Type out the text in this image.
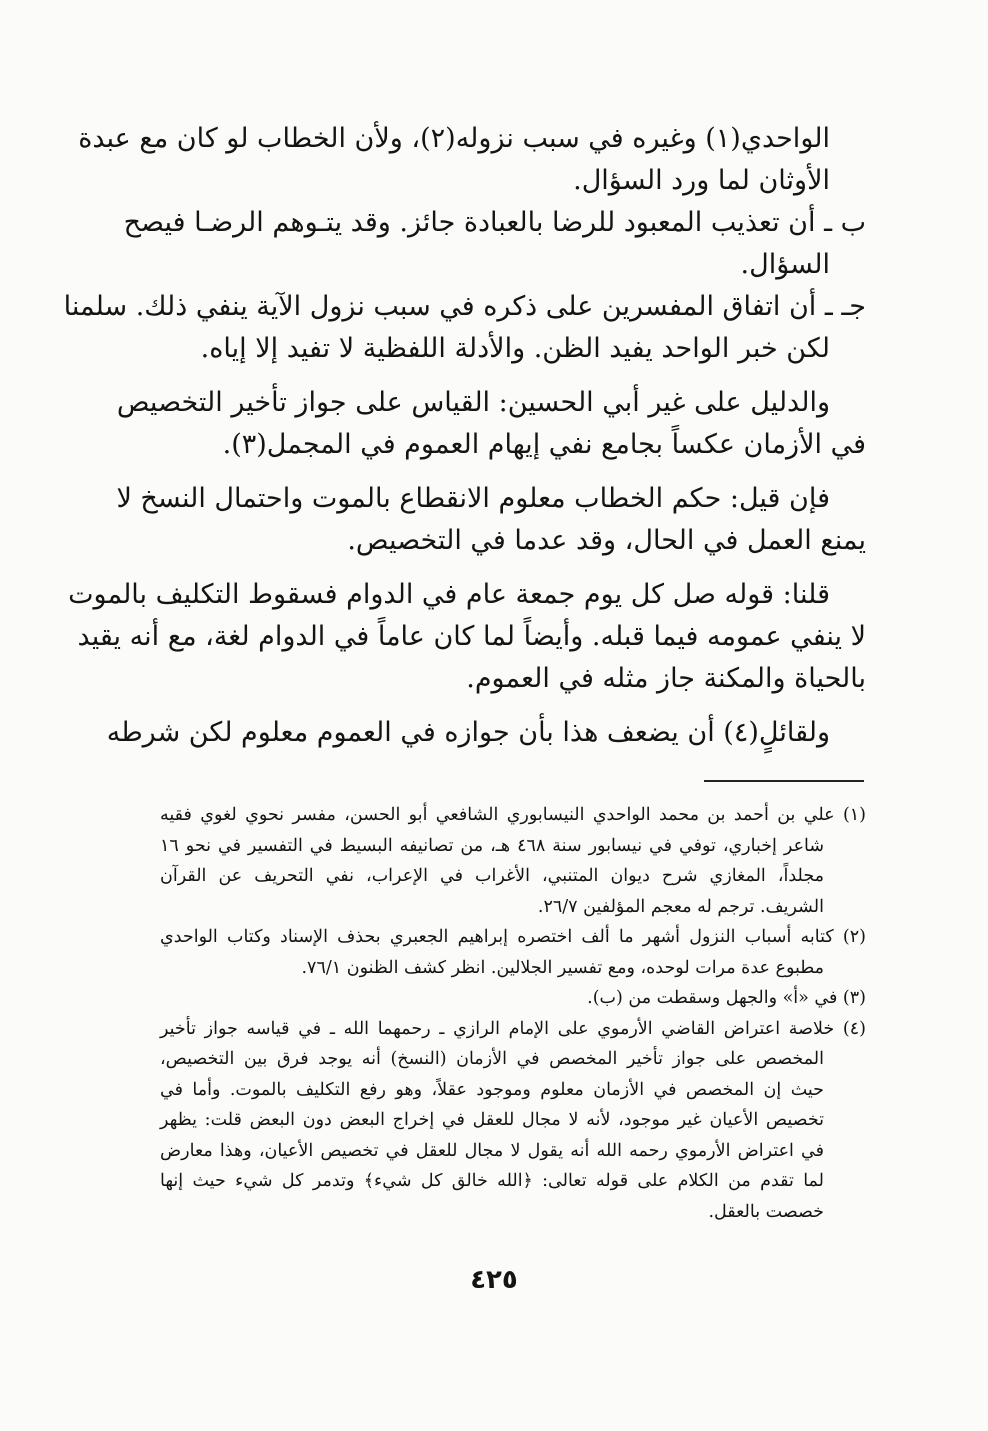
الواحدي(١) وغيره في سبب نزوله(٢)، ولأن الخطاب لو كان مع عبدة
الأوثان لما ورد السؤال.
ب ـ أن تعذيب المعبود للرضا بالعبادة جائز. وقد يتـوهم الرضـا فيصح
السؤال.
جـ ـ أن اتفاق المفسرين على ذكره في سبب نزول الآية ينفي ذلك. سلمنا
لكن خبر الواحد يفيد الظن. والأدلة اللفظية لا تفيد إلا إياه.
والدليل على غير أبي الحسين: القياس على جواز تأخير التخصيص
في الأزمان عكساً بجامع نفي إيهام العموم في المجمل(٣).
فإن قيل: حكم الخطاب معلوم الانقطاع بالموت واحتمال النسخ لا
يمنع العمل في الحال، وقد عدما في التخصيص.
قلنا: قوله صل كل يوم جمعة عام في الدوام فسقوط التكليف بالموت
لا ينفي عمومه فيما قبله. وأيضاً لما كان عاماً في الدوام لغة، مع أنه يقيد
بالحياة والمكنة جاز مثله في العموم.
ولقائلٍ(٤) أن يضعف هذا بأن جوازه في العموم معلوم لكن شرطه
(١) علي بن أحمد بن محمد الواحدي النيسابوري الشافعي أبو الحسن، مفسر نحوي لغوي فقيه
شاعر إخباري، توفي في نيسابور سنة ٤٦٨ هـ، من تصانيفه البسيط في التفسير في نحو ١٦
مجلداً، المغازي شرح ديوان المتنبي، الأغراب في الإعراب، نفي التحريف عن القرآن
الشريف. ترجم له معجم المؤلفين ٢٦/٧.
(٢) كتابه أسباب النزول أشهر ما ألف اختصره إبراهيم الجعبري بحذف الإسناد وكتاب الواحدي
مطبوع عدة مرات لوحده، ومع تفسير الجلالين. انظر كشف الظنون ٧٦/١.
(٣) في «أ» والجهل وسقطت من (ب).
(٤) خلاصة اعتراض القاضي الأرموي على الإمام الرازي ـ رحمهما الله ـ في قياسه جواز تأخير
المخصص على جواز تأخير المخصص في الأزمان (النسخ) أنه يوجد فرق بين التخصيص،
حيث إن المخصص في الأزمان معلوم وموجود عقلاً، وهو رفع التكليف بالموت. وأما في
تخصيص الأعيان غير موجود، لأنه لا مجال للعقل في إخراج البعض دون البعض قلت: يظهر
في اعتراض الأرموي رحمه الله أنه يقول لا مجال للعقل في تخصيص الأعيان، وهذا معارض
لما تقدم من الكلام على قوله تعالى: ﴿الله خالق كل شيء﴾ وتدمر كل شيء حيث إنها
خصصت بالعقل.
٤٢٥
